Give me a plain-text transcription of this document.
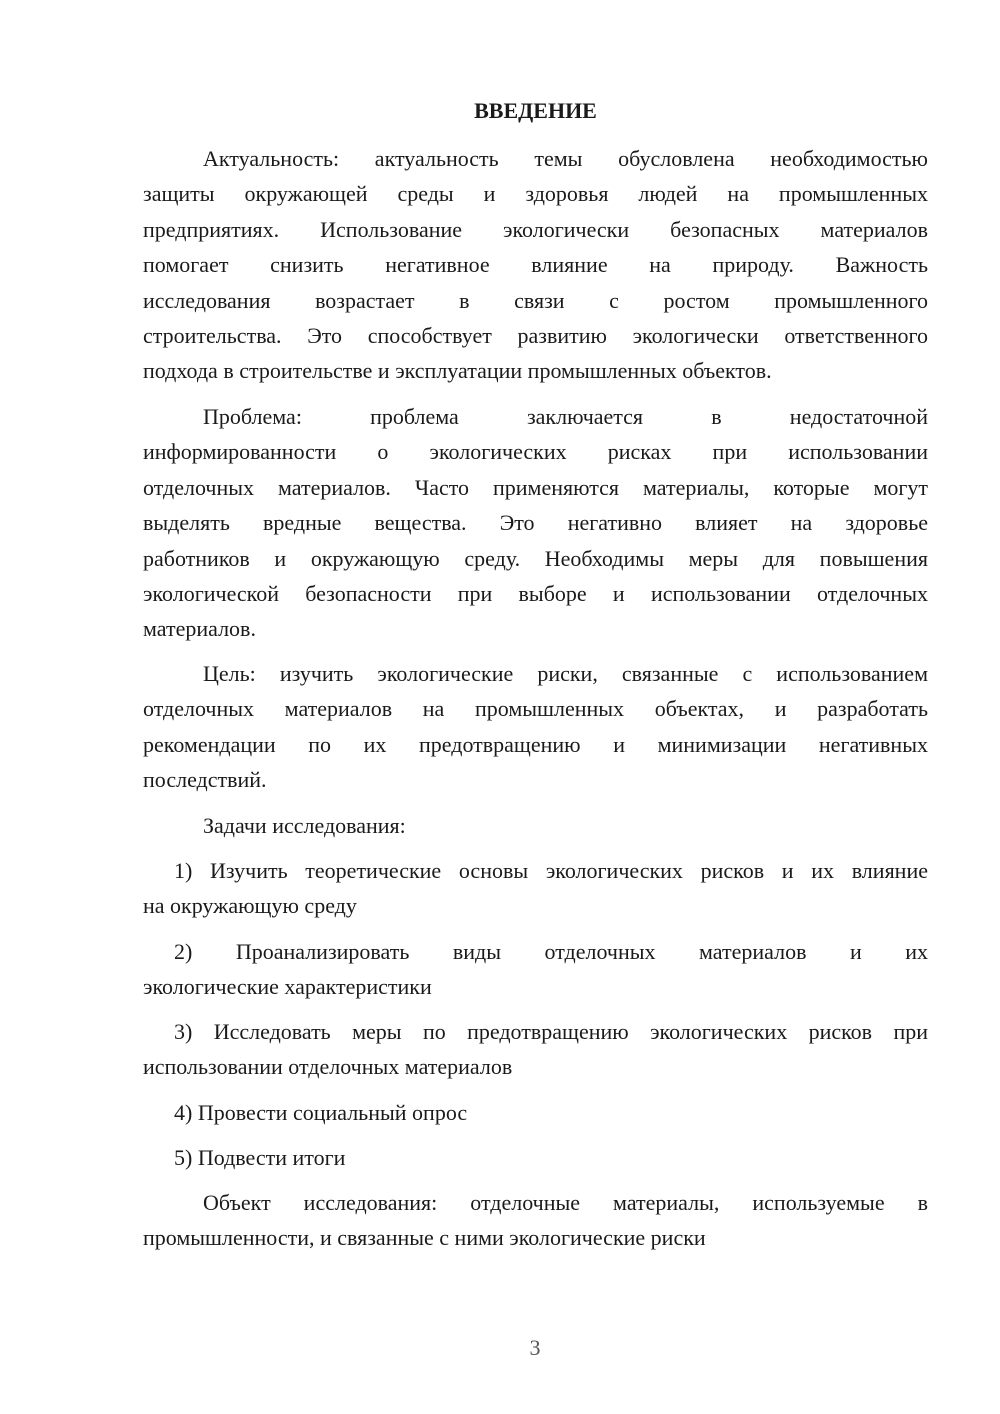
ВВЕДЕНИЕ
Актуальность: актуальность темы обусловлена необходимостью
защиты окружающей среды и здоровья людей на промышленных
предприятиях. Использование экологически безопасных материалов
помогает снизить негативное влияние на природу. Важность
исследования возрастает в связи с ростом промышленного
строительства. Это способствует развитию экологически ответственного
подхода в строительстве и эксплуатации промышленных объектов.
Проблема: проблема заключается в недостаточной
информированности о экологических рисках при использовании
отделочных материалов. Часто применяются материалы, которые могут
выделять вредные вещества. Это негативно влияет на здоровье
работников и окружающую среду. Необходимы меры для повышения
экологической безопасности при выборе и использовании отделочных
материалов.
Цель: изучить экологические риски, связанные с использованием
отделочных материалов на промышленных объектах, и разработать
рекомендации по их предотвращению и минимизации негативных
последствий.
Задачи исследования:
1) Изучить теоретические основы экологических рисков и их влияние
на окружающую среду
2) Проанализировать виды отделочных материалов и их
экологические характеристики
3) Исследовать меры по предотвращению экологических рисков при
использовании отделочных материалов
4) Провести социальный опрос
5) Подвести итоги
Объект исследования: отделочные материалы, используемые в
промышленности, и связанные с ними экологические риски
3
